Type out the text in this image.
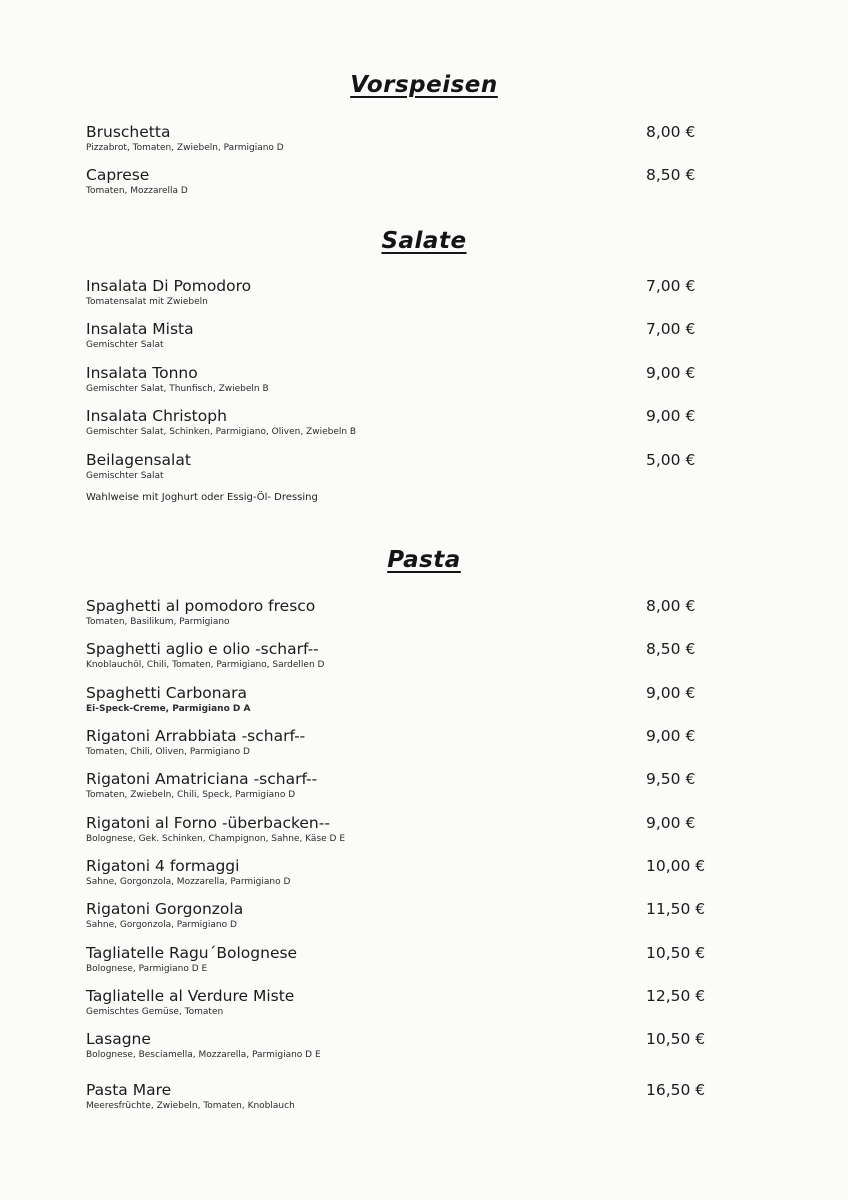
Vorspeisen
Bruschetta
Pizzabrot, Tomaten, Zwiebeln, Parmigiano D
8,00 €
Caprese
Tomaten, Mozzarella D
8,50 €
Salate
Insalata Di Pomodoro
Tomatensalat mit Zwiebeln
7,00 €
Insalata Mista
Gemischter Salat
7,00 €
Insalata Tonno
Gemischter Salat, Thunfisch, Zwiebeln B
9,00 €
Insalata Christoph
Gemischter Salat, Schinken, Parmigiano, Oliven, Zwiebeln B
9,00 €
Beilagensalat
Gemischter Salat
5,00 €
Wahlweise mit Joghurt oder Essig-Öl- Dressing
Pasta
Spaghetti al pomodoro fresco
Tomaten, Basilikum, Parmigiano
8,00 €
Spaghetti aglio e olio -scharf--
Knoblauchöl, Chili, Tomaten, Parmigiano, Sardellen D
8,50 €
Spaghetti Carbonara
Ei-Speck-Creme, Parmigiano D A
9,00 €
Rigatoni Arrabbiata -scharf--
Tomaten, Chili, Oliven, Parmigiano D
9,00 €
Rigatoni Amatriciana -scharf--
Tomaten, Zwiebeln, Chili, Speck, Parmigiano D
9,50 €
Rigatoni al Forno -überbacken--
Bolognese, Gek. Schinken, Champignon, Sahne, Käse D E
9,00 €
Rigatoni 4 formaggi
Sahne, Gorgonzola, Mozzarella, Parmigiano D
10,00 €
Rigatoni Gorgonzola
Sahne, Gorgonzola, Parmigiano D
11,50 €
Tagliatelle Ragu´Bolognese
Bolognese, Parmigiano D E
10,50 €
Tagliatelle al Verdure Miste
Gemischtes Gemüse, Tomaten
12,50 €
Lasagne
Bolognese, Besciamella, Mozzarella, Parmigiano D E
10,50 €
Pasta Mare
Meeresfrüchte, Zwiebeln, Tomaten, Knoblauch
16,50 €
